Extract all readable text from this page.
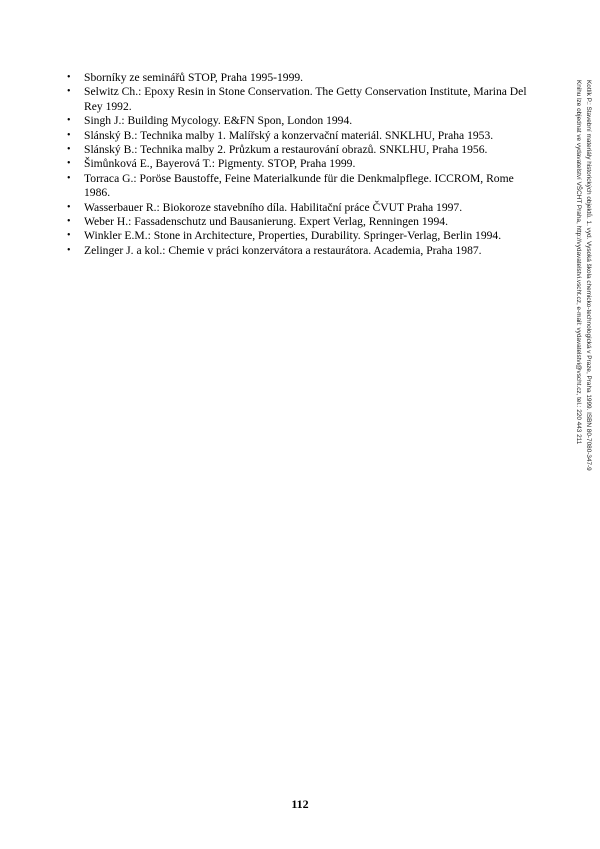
• Sborníky ze seminářů STOP, Praha 1995-1999.
• Selwitz Ch.: Epoxy Resin in Stone Conservation. The Getty Conservation Institute, Marina Del Rey 1992.
• Singh J.: Building Mycology. E&FN Spon, London 1994.
• Slánský B.: Technika malby 1. Malířský a konzervační materiál. SNKLHU, Praha 1953.
• Slánský B.: Technika malby 2. Průzkum a restaurování obrazů. SNKLHU, Praha 1956.
• Šimůnková E., Bayerová T.: Pigmenty. STOP, Praha 1999.
• Torraca G.: Poröse Baustoffe, Feine Materialkunde für die Denkmalpflege. ICCROM, Rome 1986.
• Wasserbauer R.: Biokoroze stavebního díla. Habilitační práce ČVUT Praha 1997.
• Weber H.: Fassadenschutz und Bausanierung. Expert Verlag, Renningen 1994.
• Winkler E.M.: Stone in Architecture, Properties, Durability. Springer-Verlag, Berlin 1994.
• Zelinger J. a kol.: Chemie v práci konzervátora a restaurátora. Academia, Praha 1987.	Kotlík P.: Stavební materiály historických objektů. 1. vyd. Vysoká škola chemicko-technologická v Praze, Praha 1999. ISBN 80-7080-347-9
Knihu lze objednat ve vydavatelství VŠCHT Praha, http://vydavatelstvi.vscht.cz, e-mail: vydavatelstvi@vscht.cz, tel.: 220 443 211
112
